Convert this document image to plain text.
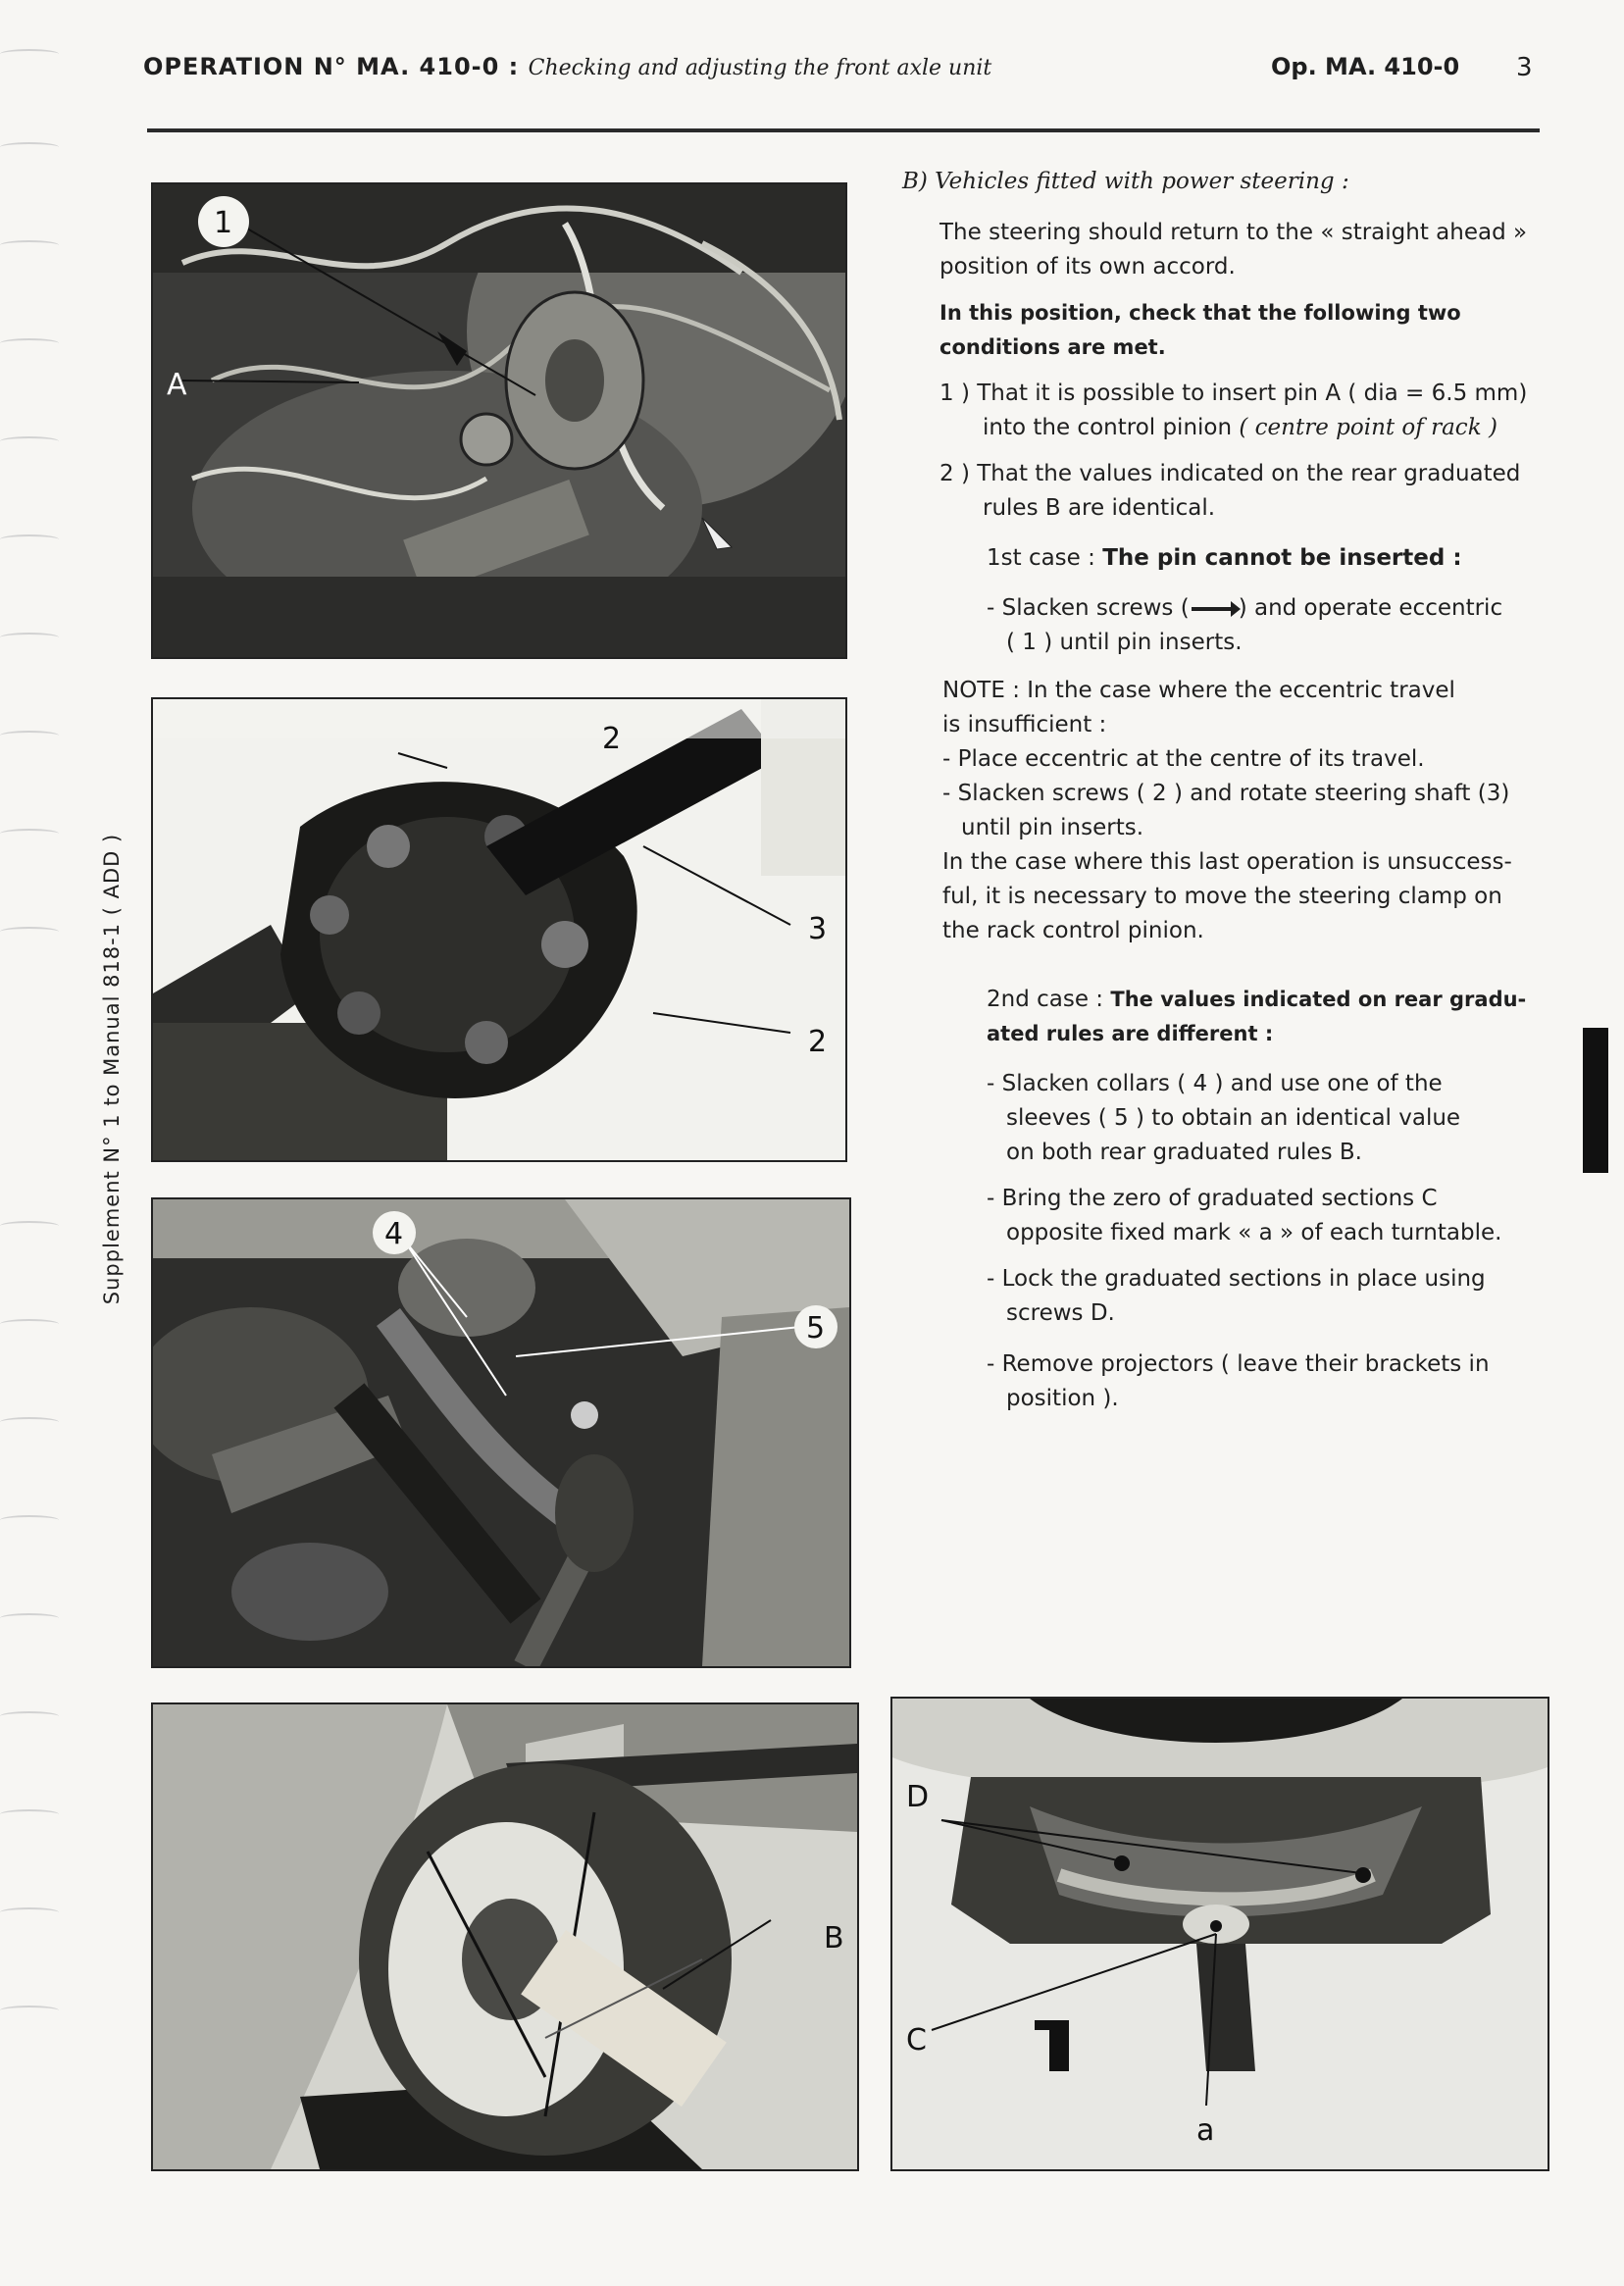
OPERATION N° MA. 410-0 : Checking and adjusting the front axle unit	Op. MA. 410-0 3
Supplement N° 1 to Manual 818-1 ( ADD )
1
A
2
3
2
4
5
B
D
C
a

B) Vehicles fitted with power steering :

The steering should return to the « straight ahead »

position of its own accord.

In this position, check that the following two

conditions are met.

1 ) That it is possible to insert pin A ( dia = 6.5 mm)

into the control pinion ( centre point of rack )

2 ) That the values indicated on the rear graduated

rules B are identical.

1st case : The pin cannot be inserted :

- Slacken screws ( ) and operate eccentric

( 1 ) until pin inserts.

NOTE : In the case where the eccentric travel

is insufficient :

- Place eccentric at the centre of its travel.

- Slacken screws ( 2 ) and rotate steering shaft (3)

until pin inserts.

In the case where this last operation is unsuccess-

ful, it is necessary to move the steering clamp on

the rack control pinion.

2nd case : The values indicated on rear gradu-

ated rules are different :

- Slacken collars ( 4 ) and use one of the

sleeves ( 5 ) to obtain an identical value

on both rear graduated rules B.

- Bring the zero of graduated sections C

opposite fixed mark « a » of each turntable.

- Lock the graduated sections in place using

screws D.

- Remove projectors ( leave their brackets in

position ).
